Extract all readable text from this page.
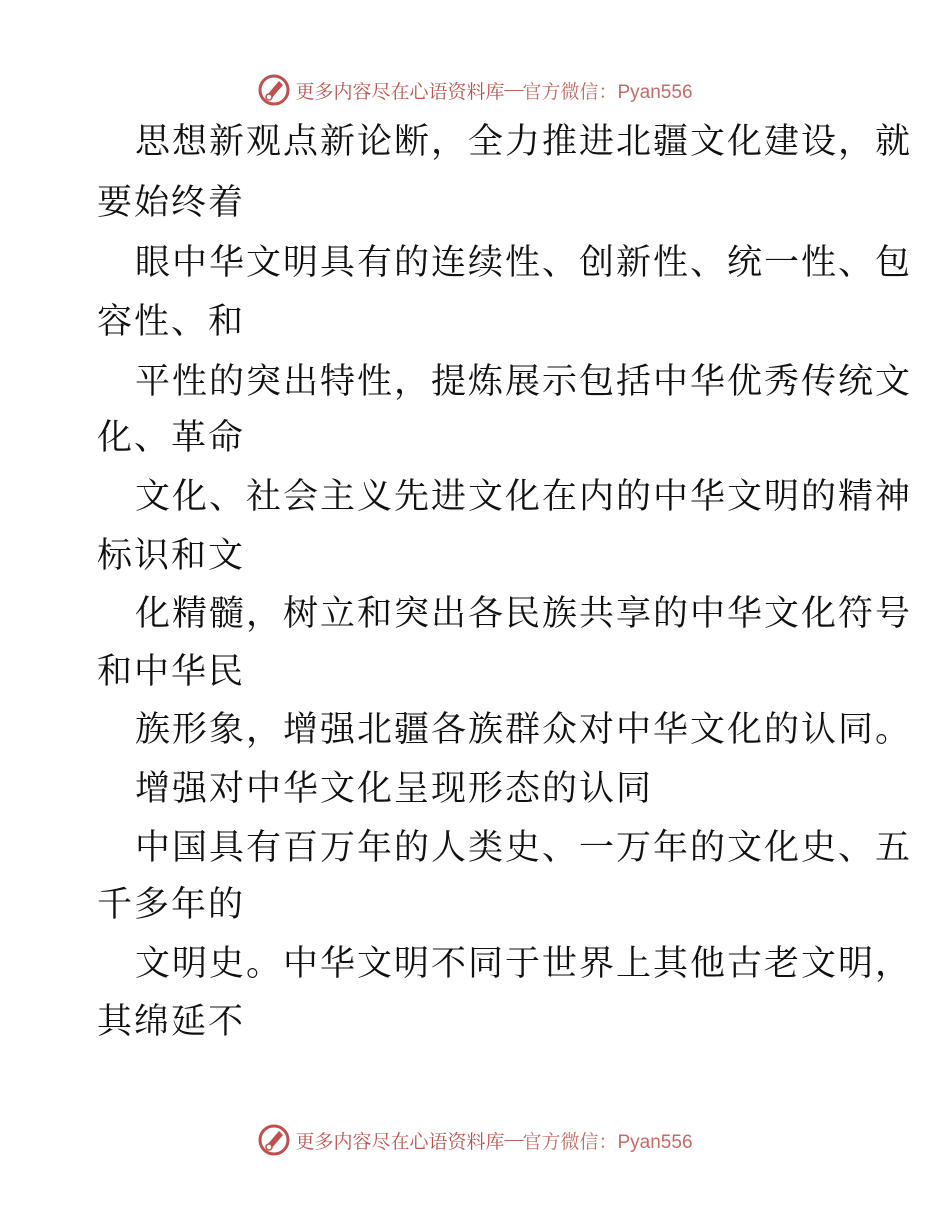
更多内容尽在心语资料库 — 官方微信：Pyan556
思想新观点新论断，全力推进北疆文化建设，就
要始终着
眼中华文明具有的连续性、创新性、统一性、包
容性、和
平性的突出特性，提炼展示包括中华优秀传统文
化、革命
文化、社会主义先进文化在内的中华文明的精神
标识和文
化精髓，树立和突出各民族共享的中华文化符号
和中华民
族形象，增强北疆各族群众对中华文化的认同。
增强对中华文化呈现形态的认同
中国具有百万年的人类史、一万年的文化史、五
千多年的
文明史。中华文明不同于世界上其他古老文明，
其绵延不
更多内容尽在心语资料库 — 官方微信：Pyan556
